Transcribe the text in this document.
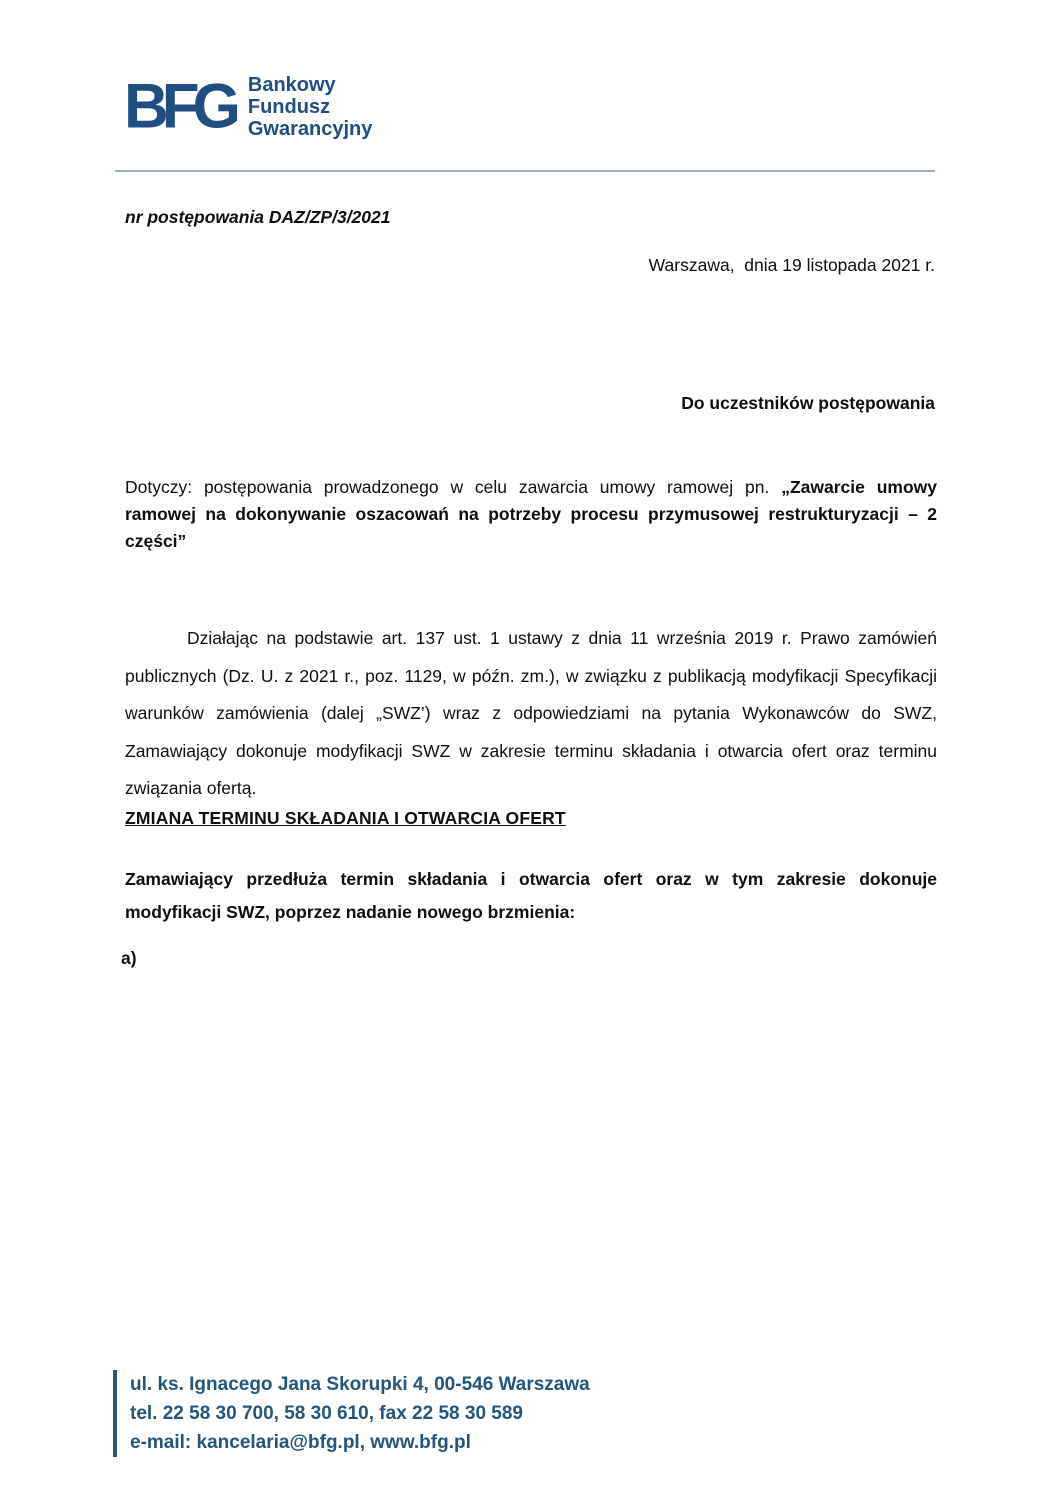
BFG Bankowy
Fundusz
Gwarancyjny
nr postępowania DAZ/ZP/3/2021
Warszawa,  dnia 19 listopada 2021 r.
Do uczestników postępowania
Dotyczy: postępowania prowadzonego w celu zawarcia umowy ramowej pn. „Zawarcie umowy ramowej na dokonywanie oszacowań na potrzeby procesu przymusowej restrukturyzacji – 2 części”
Działając na podstawie art. 137 ust. 1 ustawy z dnia 11 września 2019 r. Prawo zamówień publicznych (Dz. U. z 2021 r., poz. 1129, w późn. zm.), w związku z publikacją modyfikacji Specyfikacji warunków zamówienia (dalej „SWZ’) wraz z odpowiedziami na pytania Wykonawców do SWZ, Zamawiający dokonuje modyfikacji SWZ w zakresie terminu składania i otwarcia ofert oraz terminu związania ofertą.
ZMIANA TERMINU SKŁADANIA I OTWARCIA OFERT
Zamawiający przedłuża termin składania i otwarcia ofert oraz w tym zakresie dokonuje modyfikacji SWZ, poprzez nadanie nowego brzmienia:
a)
ul. ks. Ignacego Jana Skorupki 4, 00-546 Warszawa
tel. 22 58 30 700, 58 30 610, fax 22 58 30 589
e-mail: kancelaria@bfg.pl, www.bfg.pl
